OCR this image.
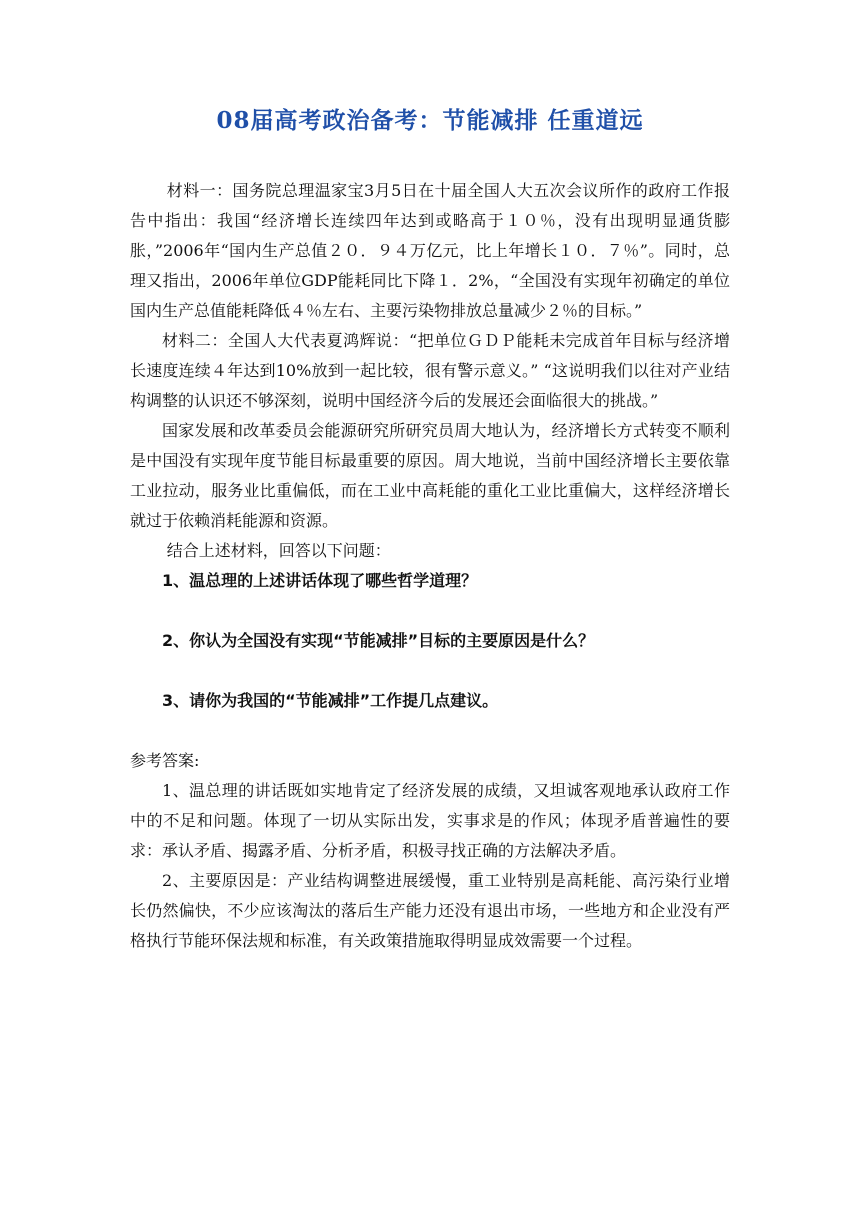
08届高考政治备考：节能减排 任重道远

材料一：国务院总理温家宝3月5日在十届全国人大五次会议所作的政府工作报告中指出：我国“经济增长连续四年达到或略高于１０％，没有出现明显通货膨胀，”2006年“国内生产总值２０．９４万亿元，比上年增长１０．７％”。同时，总理又指出，2006年单位GDP能耗同比下降１．2%，“全国没有实现年初确定的单位国内生产总值能耗降低４％左右、主要污染物排放总量减少２％的目标。”

材料二：全国人大代表夏鸿辉说：“把单位ＧＤＰ能耗未完成首年目标与经济增长速度连续４年达到10%放到一起比较，很有警示意义。” “这说明我们以往对产业结构调整的认识还不够深刻，说明中国经济今后的发展还会面临很大的挑战。”

国家发展和改革委员会能源研究所研究员周大地认为，经济增长方式转变不顺利是中国没有实现年度节能目标最重要的原因。周大地说，当前中国经济增长主要依靠工业拉动，服务业比重偏低，而在工业中高耗能的重化工业比重偏大，这样经济增长就过于依赖消耗能源和资源。

结合上述材料，回答以下问题：

1、温总理的上述讲话体现了哪些哲学道理？

2、你认为全国没有实现“节能减排”目标的主要原因是什么？

3、请你为我国的“节能减排”工作提几点建议。

参考答案:

1、温总理的讲话既如实地肯定了经济发展的成绩，又坦诚客观地承认政府工作中的不足和问题。体现了一切从实际出发，实事求是的作风；体现矛盾普遍性的要求：承认矛盾、揭露矛盾、分析矛盾，积极寻找正确的方法解决矛盾。

2、主要原因是：产业结构调整进展缓慢，重工业特别是高耗能、高污染行业增长仍然偏快，不少应该淘汰的落后生产能力还没有退出市场，一些地方和企业没有严格执行节能环保法规和标准，有关政策措施取得明显成效需要一个过程。
